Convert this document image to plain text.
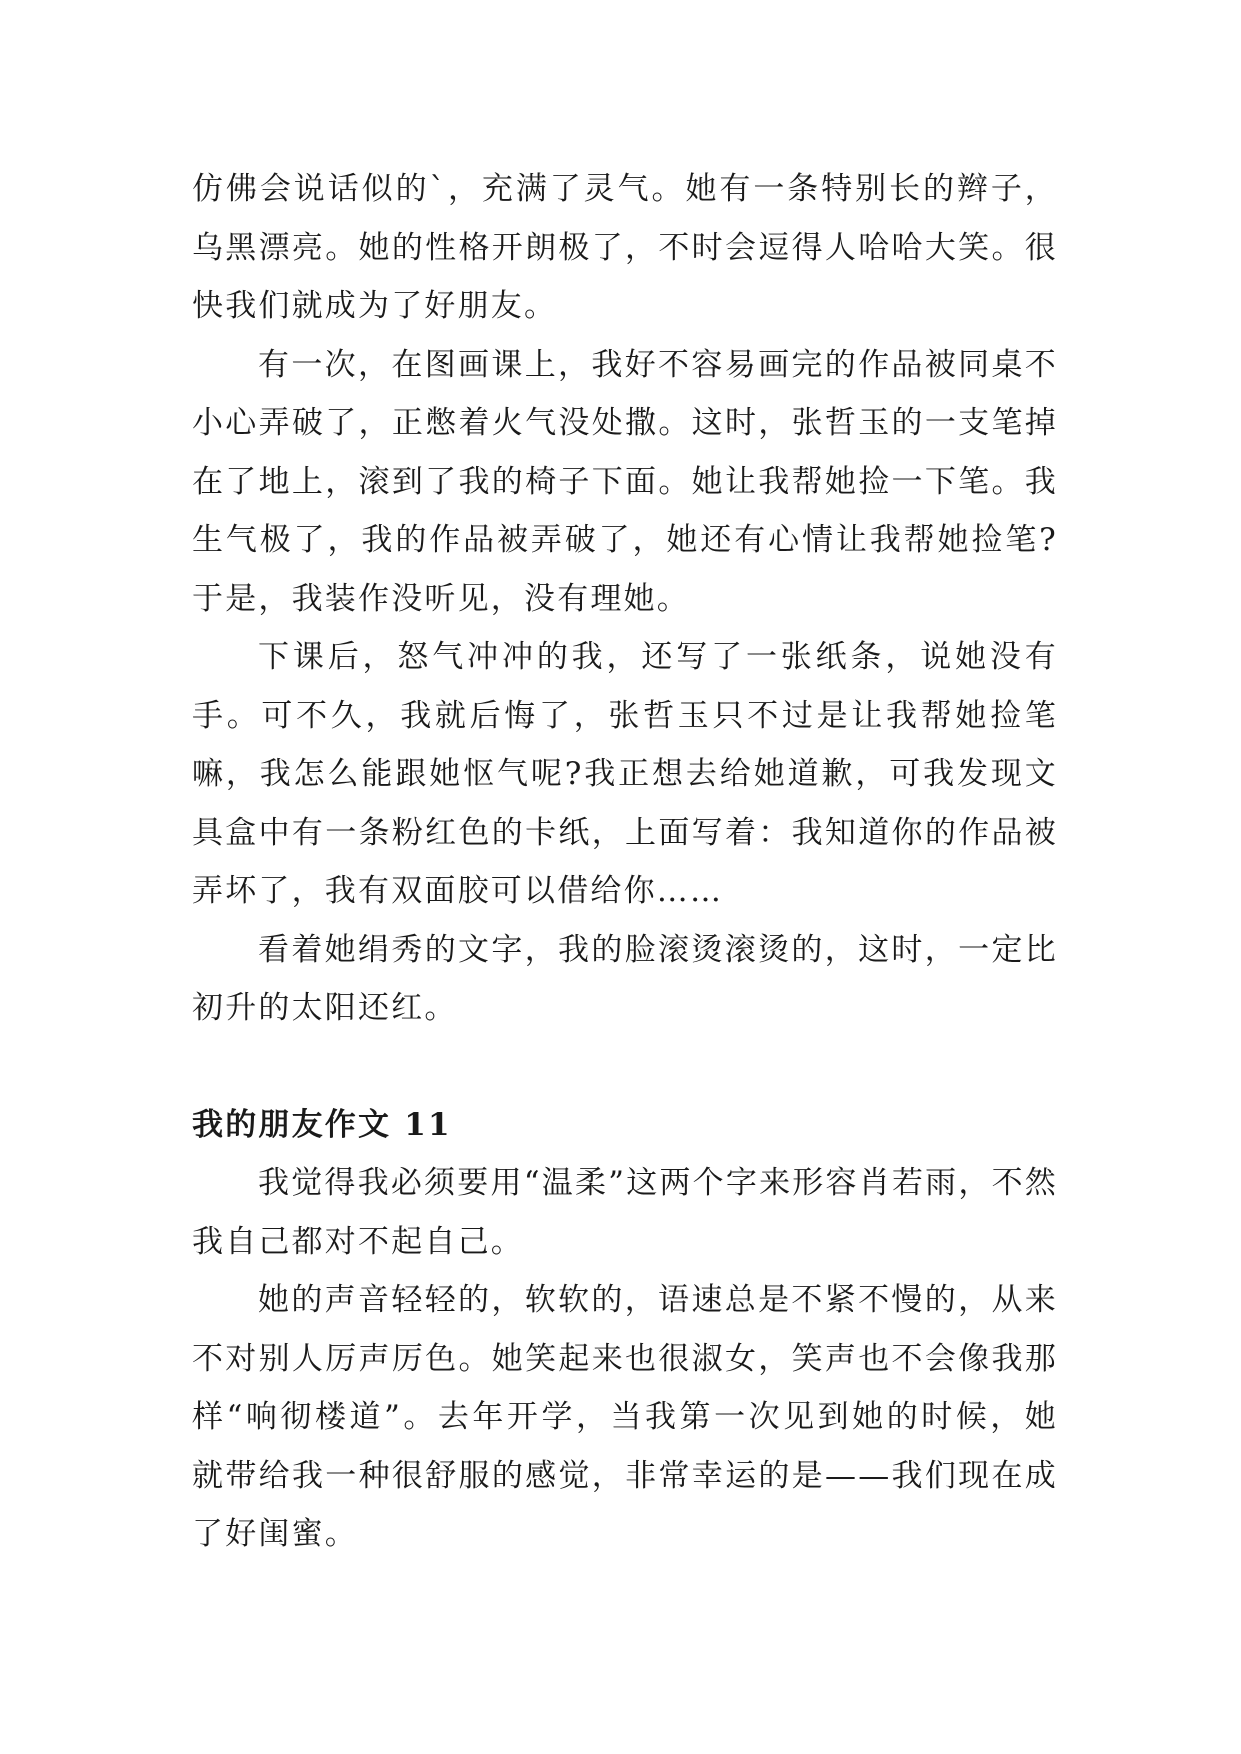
仿佛会说话似的`，充满了灵气。她有一条特别长的辫子，乌黑漂亮。她的性格开朗极了，不时会逗得人哈哈大笑。很快我们就成为了好朋友。

有一次，在图画课上，我好不容易画完的作品被同桌不小心弄破了，正憋着火气没处撒。这时，张哲玉的一支笔掉在了地上，滚到了我的椅子下面。她让我帮她捡一下笔。我生气极了，我的作品被弄破了，她还有心情让我帮她捡笔?于是，我装作没听见，没有理她。

下课后，怒气冲冲的我，还写了一张纸条，说她没有手。可不久，我就后悔了，张哲玉只不过是让我帮她捡笔嘛，我怎么能跟她怄气呢?我正想去给她道歉，可我发现文具盒中有一条粉红色的卡纸，上面写着：我知道你的作品被弄坏了，我有双面胶可以借给你……

看着她绢秀的文字，我的脸滚烫滚烫的，这时，一定比初升的太阳还红。

我的朋友作文 11

我觉得我必须要用“温柔”这两个字来形容肖若雨，不然我自己都对不起自己。

她的声音轻轻的，软软的，语速总是不紧不慢的，从来不对别人厉声厉色。她笑起来也很淑女，笑声也不会像我那样“响彻楼道”。去年开学，当我第一次见到她的时候，她就带给我一种很舒服的感觉，非常幸运的是——我们现在成了好闺蜜。
